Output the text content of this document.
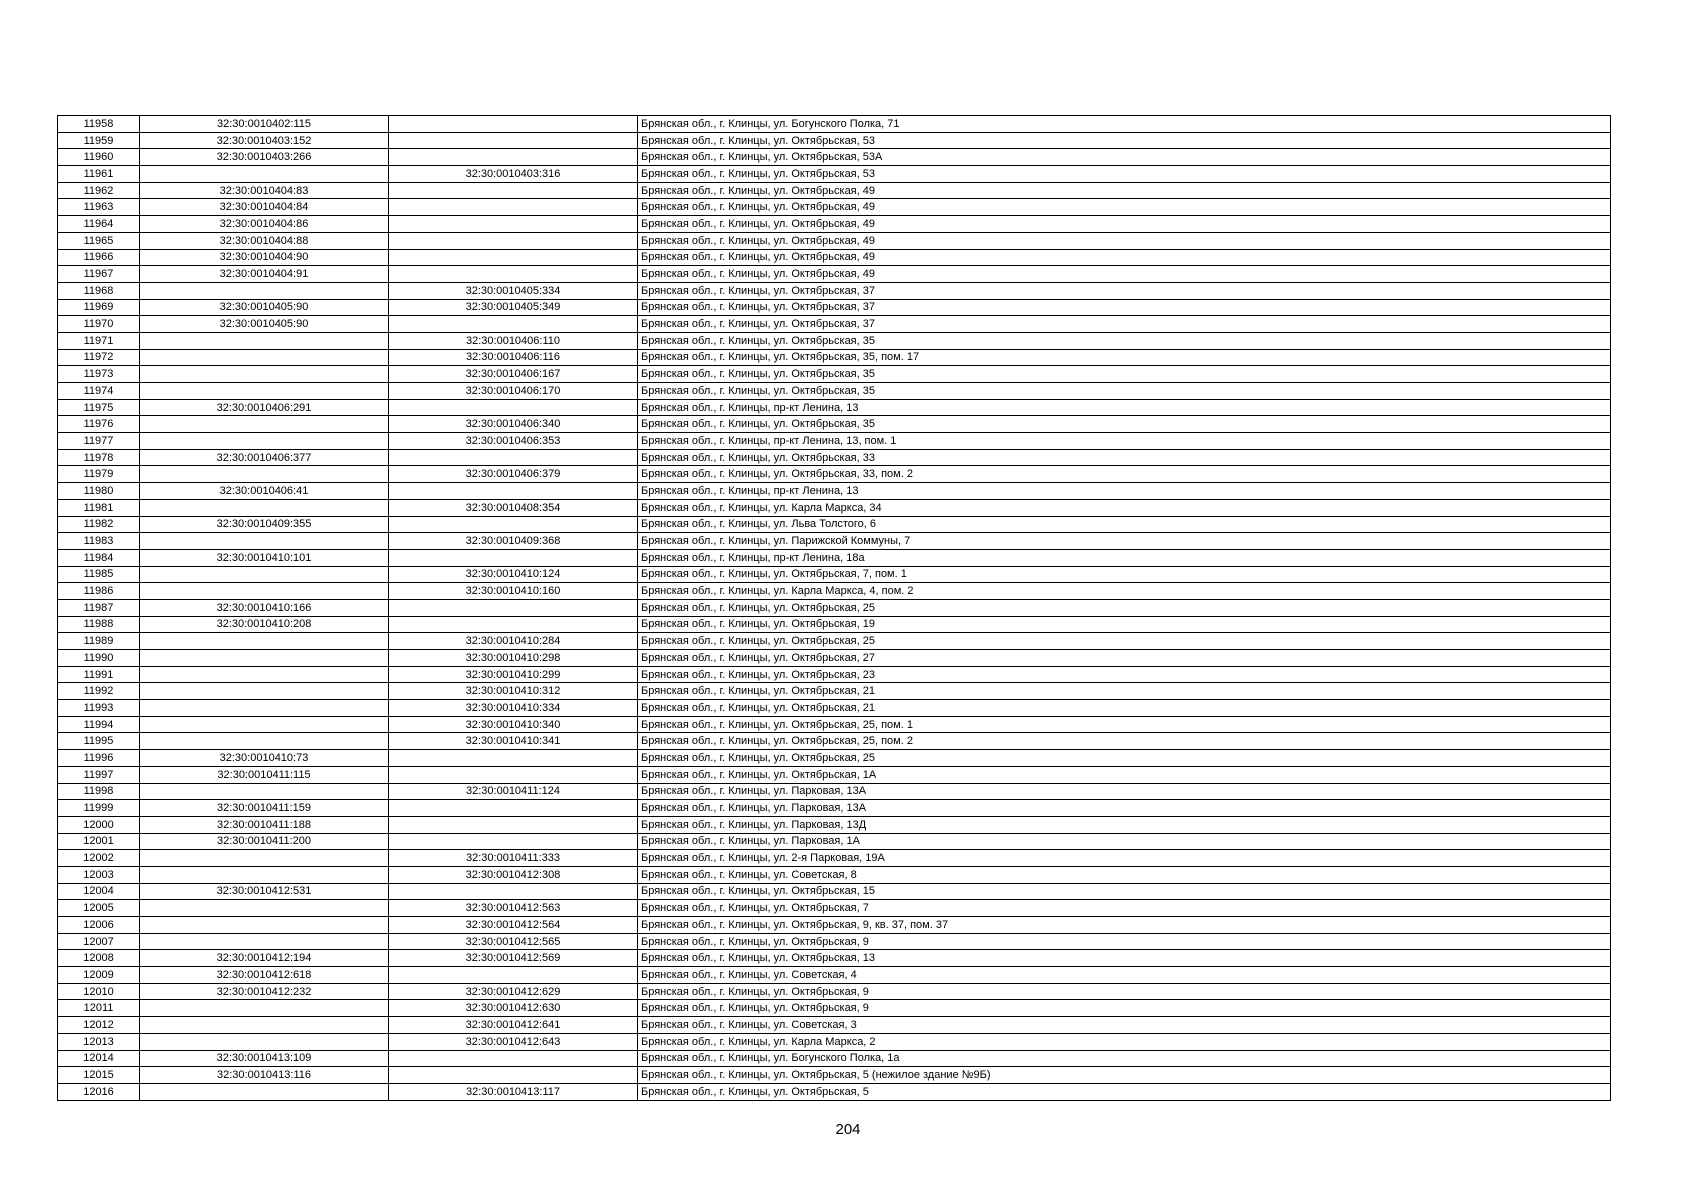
11958	32:30:0010402:115		Брянская обл., г. Клинцы, ул. Богунского Полка, 71
11959	32:30:0010403:152		Брянская обл., г. Клинцы, ул. Октябрьская, 53
11960	32:30:0010403:266		Брянская обл., г. Клинцы, ул. Октябрьская, 53А
11961		32:30:0010403:316	Брянская обл., г. Клинцы, ул. Октябрьская, 53
11962	32:30:0010404:83		Брянская обл., г. Клинцы, ул. Октябрьская, 49
11963	32:30:0010404:84		Брянская обл., г. Клинцы, ул. Октябрьская, 49
11964	32:30:0010404:86		Брянская обл., г. Клинцы, ул. Октябрьская, 49
11965	32:30:0010404:88		Брянская обл., г. Клинцы, ул. Октябрьская, 49
11966	32:30:0010404:90		Брянская обл., г. Клинцы, ул. Октябрьская, 49
11967	32:30:0010404:91		Брянская обл., г. Клинцы, ул. Октябрьская, 49
11968		32:30:0010405:334	Брянская обл., г. Клинцы, ул. Октябрьская, 37
11969	32:30:0010405:90	32:30:0010405:349	Брянская обл., г. Клинцы, ул. Октябрьская, 37
11970	32:30:0010405:90		Брянская обл., г. Клинцы, ул. Октябрьская, 37
11971		32:30:0010406:110	Брянская обл., г. Клинцы, ул. Октябрьская, 35
11972		32:30:0010406:116	Брянская обл., г. Клинцы, ул. Октябрьская, 35, пом. 17
11973		32:30:0010406:167	Брянская обл., г. Клинцы, ул. Октябрьская, 35
11974		32:30:0010406:170	Брянская обл., г. Клинцы, ул. Октябрьская, 35
11975	32:30:0010406:291		Брянская обл., г. Клинцы, пр-кт Ленина, 13
11976		32:30:0010406:340	Брянская обл., г. Клинцы, ул. Октябрьская, 35
11977		32:30:0010406:353	Брянская обл., г. Клинцы, пр-кт Ленина, 13, пом. 1
11978	32:30:0010406:377		Брянская обл., г. Клинцы, ул. Октябрьская, 33
11979		32:30:0010406:379	Брянская обл., г. Клинцы, ул. Октябрьская, 33, пом. 2
11980	32:30:0010406:41		Брянская обл., г. Клинцы, пр-кт Ленина, 13
11981		32:30:0010408:354	Брянская обл., г. Клинцы, ул. Карла Маркса, 34
11982	32:30:0010409:355		Брянская обл., г. Клинцы, ул. Льва Толстого, 6
11983		32:30:0010409:368	Брянская обл., г. Клинцы, ул. Парижской Коммуны, 7
11984	32:30:0010410:101		Брянская обл., г. Клинцы, пр-кт Ленина, 18а
11985		32:30:0010410:124	Брянская обл., г. Клинцы, ул. Октябрьская, 7, пом. 1
11986		32:30:0010410:160	Брянская обл., г. Клинцы, ул. Карла Маркса, 4, пом. 2
11987	32:30:0010410:166		Брянская обл., г. Клинцы, ул. Октябрьская, 25
11988	32:30:0010410:208		Брянская обл., г. Клинцы, ул. Октябрьская, 19
11989		32:30:0010410:284	Брянская обл., г. Клинцы, ул. Октябрьская, 25
11990		32:30:0010410:298	Брянская обл., г. Клинцы, ул. Октябрьская, 27
11991		32:30:0010410:299	Брянская обл., г. Клинцы, ул. Октябрьская, 23
11992		32:30:0010410:312	Брянская обл., г. Клинцы, ул. Октябрьская, 21
11993		32:30:0010410:334	Брянская обл., г. Клинцы, ул. Октябрьская, 21
11994		32:30:0010410:340	Брянская обл., г. Клинцы, ул. Октябрьская, 25, пом. 1
11995		32:30:0010410:341	Брянская обл., г. Клинцы, ул. Октябрьская, 25, пом. 2
11996	32:30:0010410:73		Брянская обл., г. Клинцы, ул. Октябрьская, 25
11997	32:30:0010411:115		Брянская обл., г. Клинцы, ул. Октябрьская, 1А
11998		32:30:0010411:124	Брянская обл., г. Клинцы, ул. Парковая, 13А
11999	32:30:0010411:159		Брянская обл., г. Клинцы, ул. Парковая, 13А
12000	32:30:0010411:188		Брянская обл., г. Клинцы, ул. Парковая, 13Д
12001	32:30:0010411:200		Брянская обл., г. Клинцы, ул. Парковая, 1А
12002		32:30:0010411:333	Брянская обл., г. Клинцы, ул. 2-я Парковая, 19А
12003		32:30:0010412:308	Брянская обл., г. Клинцы, ул. Советская, 8
12004	32:30:0010412:531		Брянская обл., г. Клинцы, ул. Октябрьская, 15
12005		32:30:0010412:563	Брянская обл., г. Клинцы, ул. Октябрьская, 7
12006		32:30:0010412:564	Брянская обл., г. Клинцы, ул. Октябрьская, 9, кв. 37, пом. 37
12007		32:30:0010412:565	Брянская обл., г. Клинцы, ул. Октябрьская, 9
12008	32:30:0010412:194	32:30:0010412:569	Брянская обл., г. Клинцы, ул. Октябрьская, 13
12009	32:30:0010412:618		Брянская обл., г. Клинцы, ул. Советская, 4
12010	32:30:0010412:232	32:30:0010412:629	Брянская обл., г. Клинцы, ул. Октябрьская, 9
12011		32:30:0010412:630	Брянская обл., г. Клинцы, ул. Октябрьская, 9
12012		32:30:0010412:641	Брянская обл., г. Клинцы, ул. Советская, 3
12013		32:30:0010412:643	Брянская обл., г. Клинцы, ул. Карла Маркса, 2
12014	32:30:0010413:109		Брянская обл., г. Клинцы, ул. Богунского Полка, 1а
12015	32:30:0010413:116		Брянская обл., г. Клинцы, ул. Октябрьская, 5 (нежилое здание №9Б)
12016		32:30:0010413:117	Брянская обл., г. Клинцы, ул. Октябрьская, 5
204
